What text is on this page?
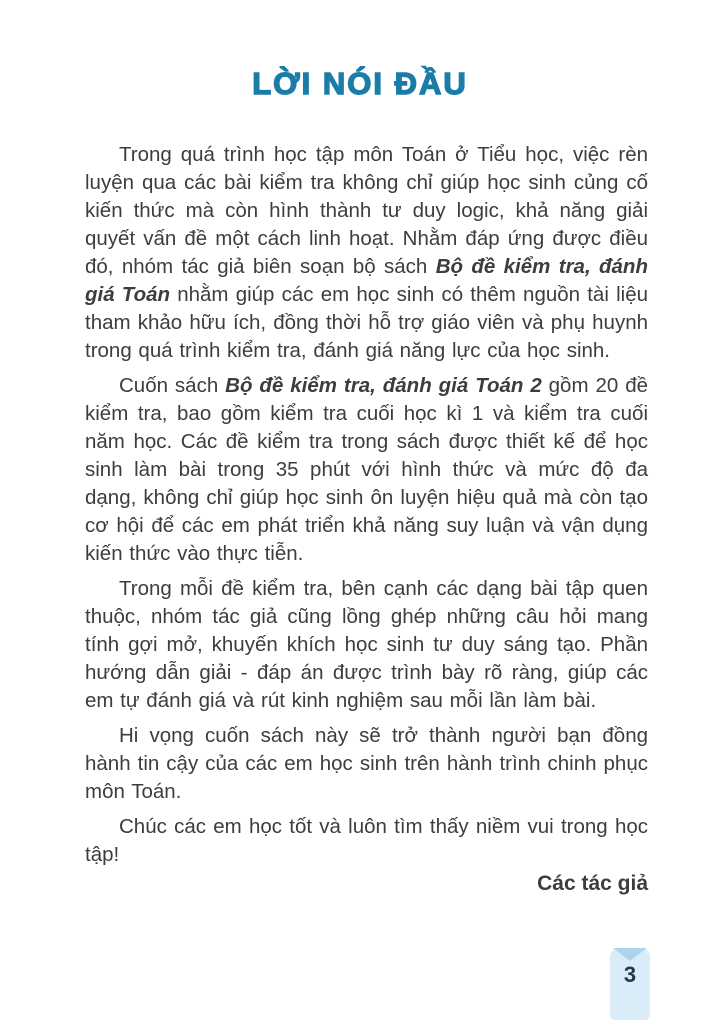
LỜI NÓI ĐẦU

Trong quá trình học tập môn Toán ở Tiểu học, việc rèn luyện qua các bài kiểm tra không chỉ giúp học sinh củng cố kiến thức mà còn hình thành tư duy logic, khả năng giải quyết vấn đề một cách linh hoạt. Nhằm đáp ứng được điều đó, nhóm tác giả biên soạn bộ sách Bộ đề kiểm tra, đánh giá Toán nhằm giúp các em học sinh có thêm nguồn tài liệu tham khảo hữu ích, đồng thời hỗ trợ giáo viên và phụ huynh trong quá trình kiểm tra, đánh giá năng lực của học sinh.

Cuốn sách Bộ đề kiểm tra, đánh giá Toán 2 gồm 20 đề kiểm tra, bao gồm kiểm tra cuối học kì 1 và kiểm tra cuối năm học. Các đề kiểm tra trong sách được thiết kế để học sinh làm bài trong 35 phút với hình thức và mức độ đa dạng, không chỉ giúp học sinh ôn luyện hiệu quả mà còn tạo cơ hội để các em phát triển khả năng suy luận và vận dụng kiến thức vào thực tiễn.

Trong mỗi đề kiểm tra, bên cạnh các dạng bài tập quen thuộc, nhóm tác giả cũng lồng ghép những câu hỏi mang tính gợi mở, khuyến khích học sinh tư duy sáng tạo. Phần hướng dẫn giải - đáp án được trình bày rõ ràng, giúp các em tự đánh giá và rút kinh nghiệm sau mỗi lần làm bài.

Hi vọng cuốn sách này sẽ trở thành người bạn đồng hành tin cậy của các em học sinh trên hành trình chinh phục môn Toán.

Chúc các em học tốt và luôn tìm thấy niềm vui trong học tập!

Các tác giả
3
